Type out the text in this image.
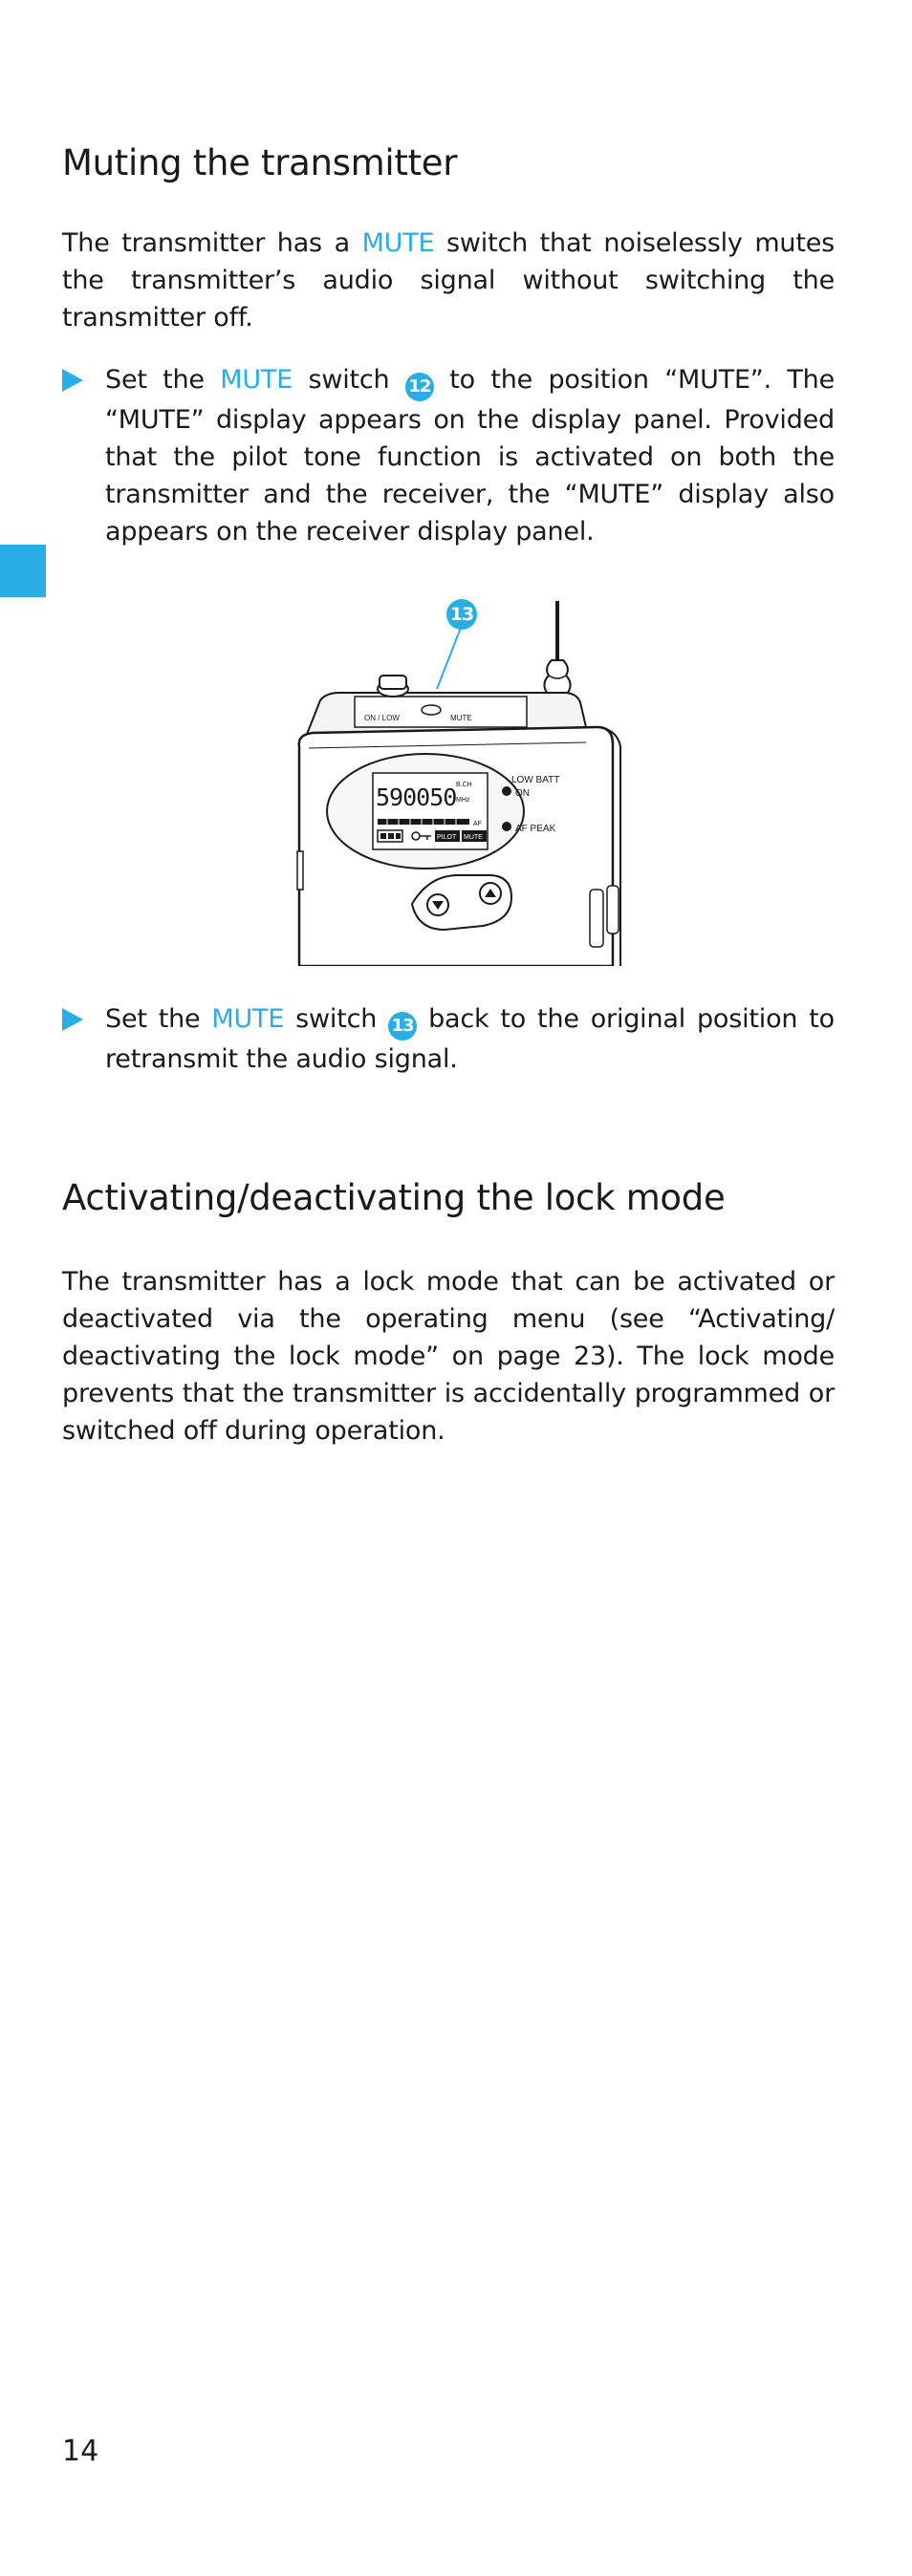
Muting the transmitter

The transmitter has a MUTE switch that noiselessly mutes the transmitter’s audio signal without switching the transmitter off.

Set the MUTE switch 12 to the position “MUTE”. The “MUTE” display appears on the display panel. Provided that the pilot tone function is activated on both the transmitter and the receiver, the “MUTE” display also appears on the receiver display panel.
ON / LOW	MUTE
590050 B.CH
MHz
AF
PILOT MUTE
LOW BATT
ON
AF PEAK
13
Set the MUTE switch 13 back to the original position to retransmit the audio signal.
Activating/deactivating the lock mode

The transmitter has a lock mode that can be activated or deactivated via the operating menu (see “Activating/ deactivating the lock mode” on page 23). The lock mode prevents that the transmitter is accidentally programmed or switched off during operation.

14
